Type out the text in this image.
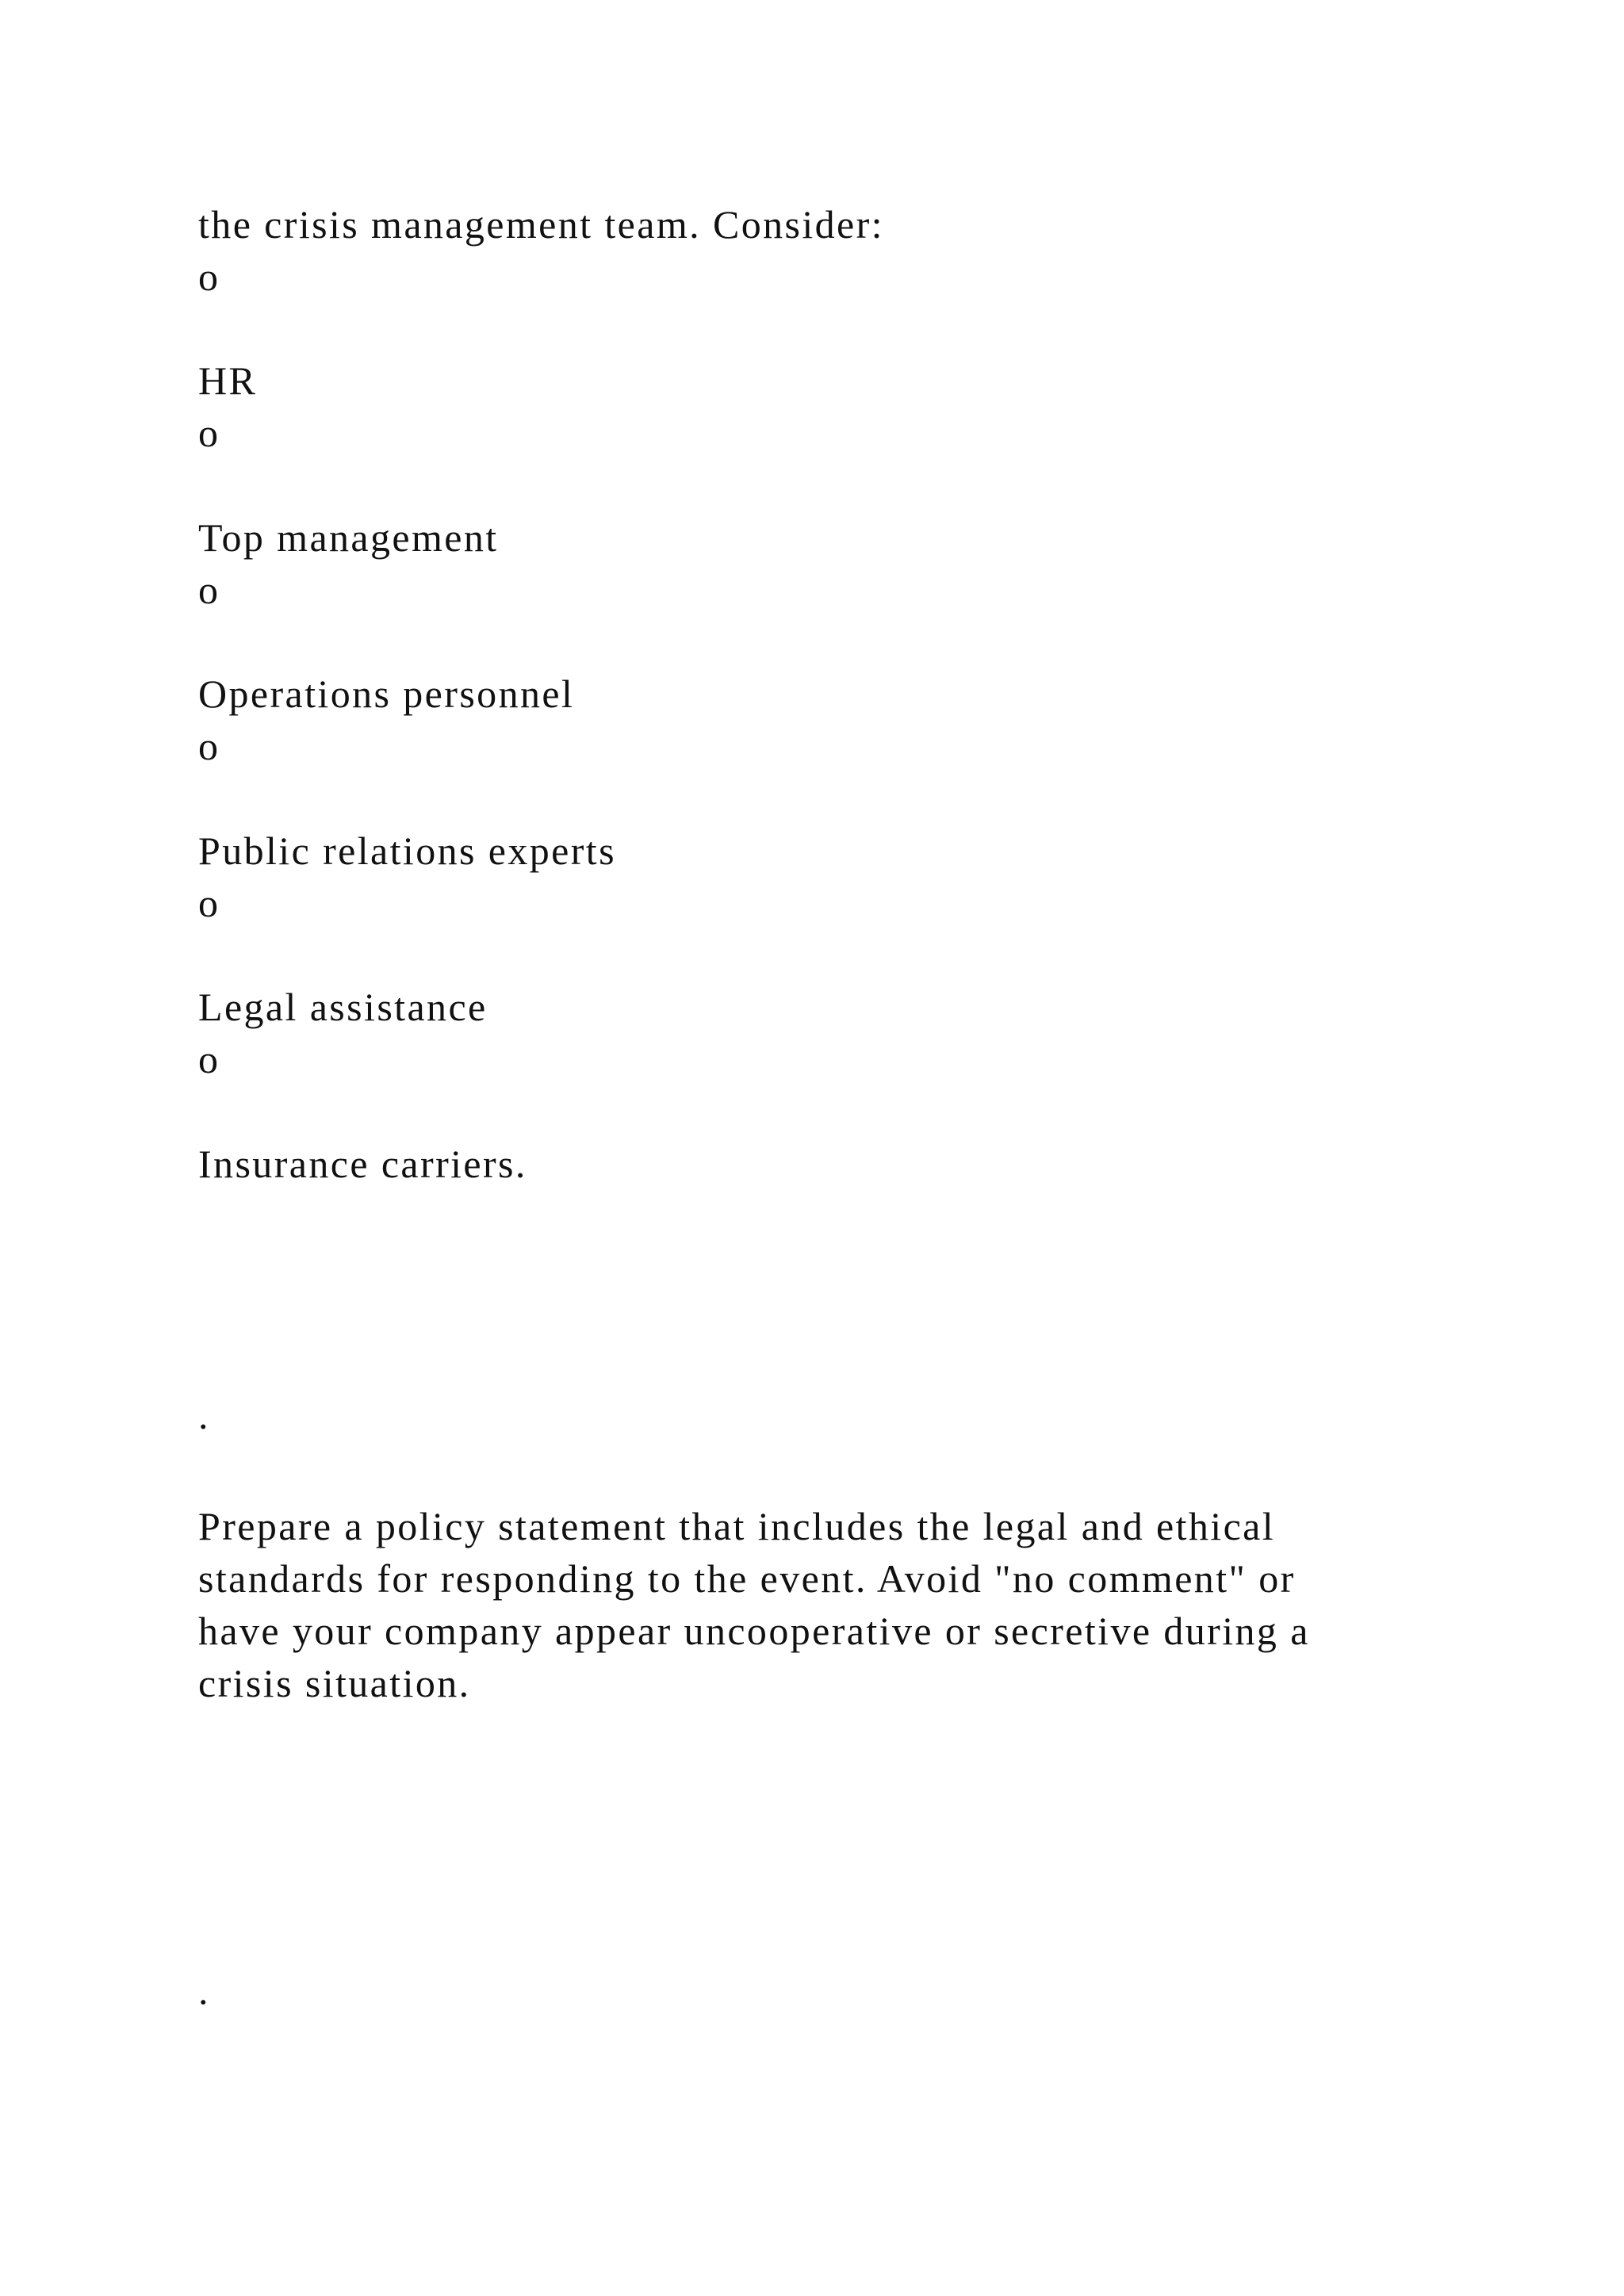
the crisis management team. Consider:

o

HR

o

Top management

o

Operations personnel

o

Public relations experts

o

Legal assistance

o

Insurance carriers.

.

Prepare a policy statement that includes the legal and ethical

standards for responding to the event. Avoid "no comment" or

have your company appear uncooperative or secretive during a

crisis situation.

.
